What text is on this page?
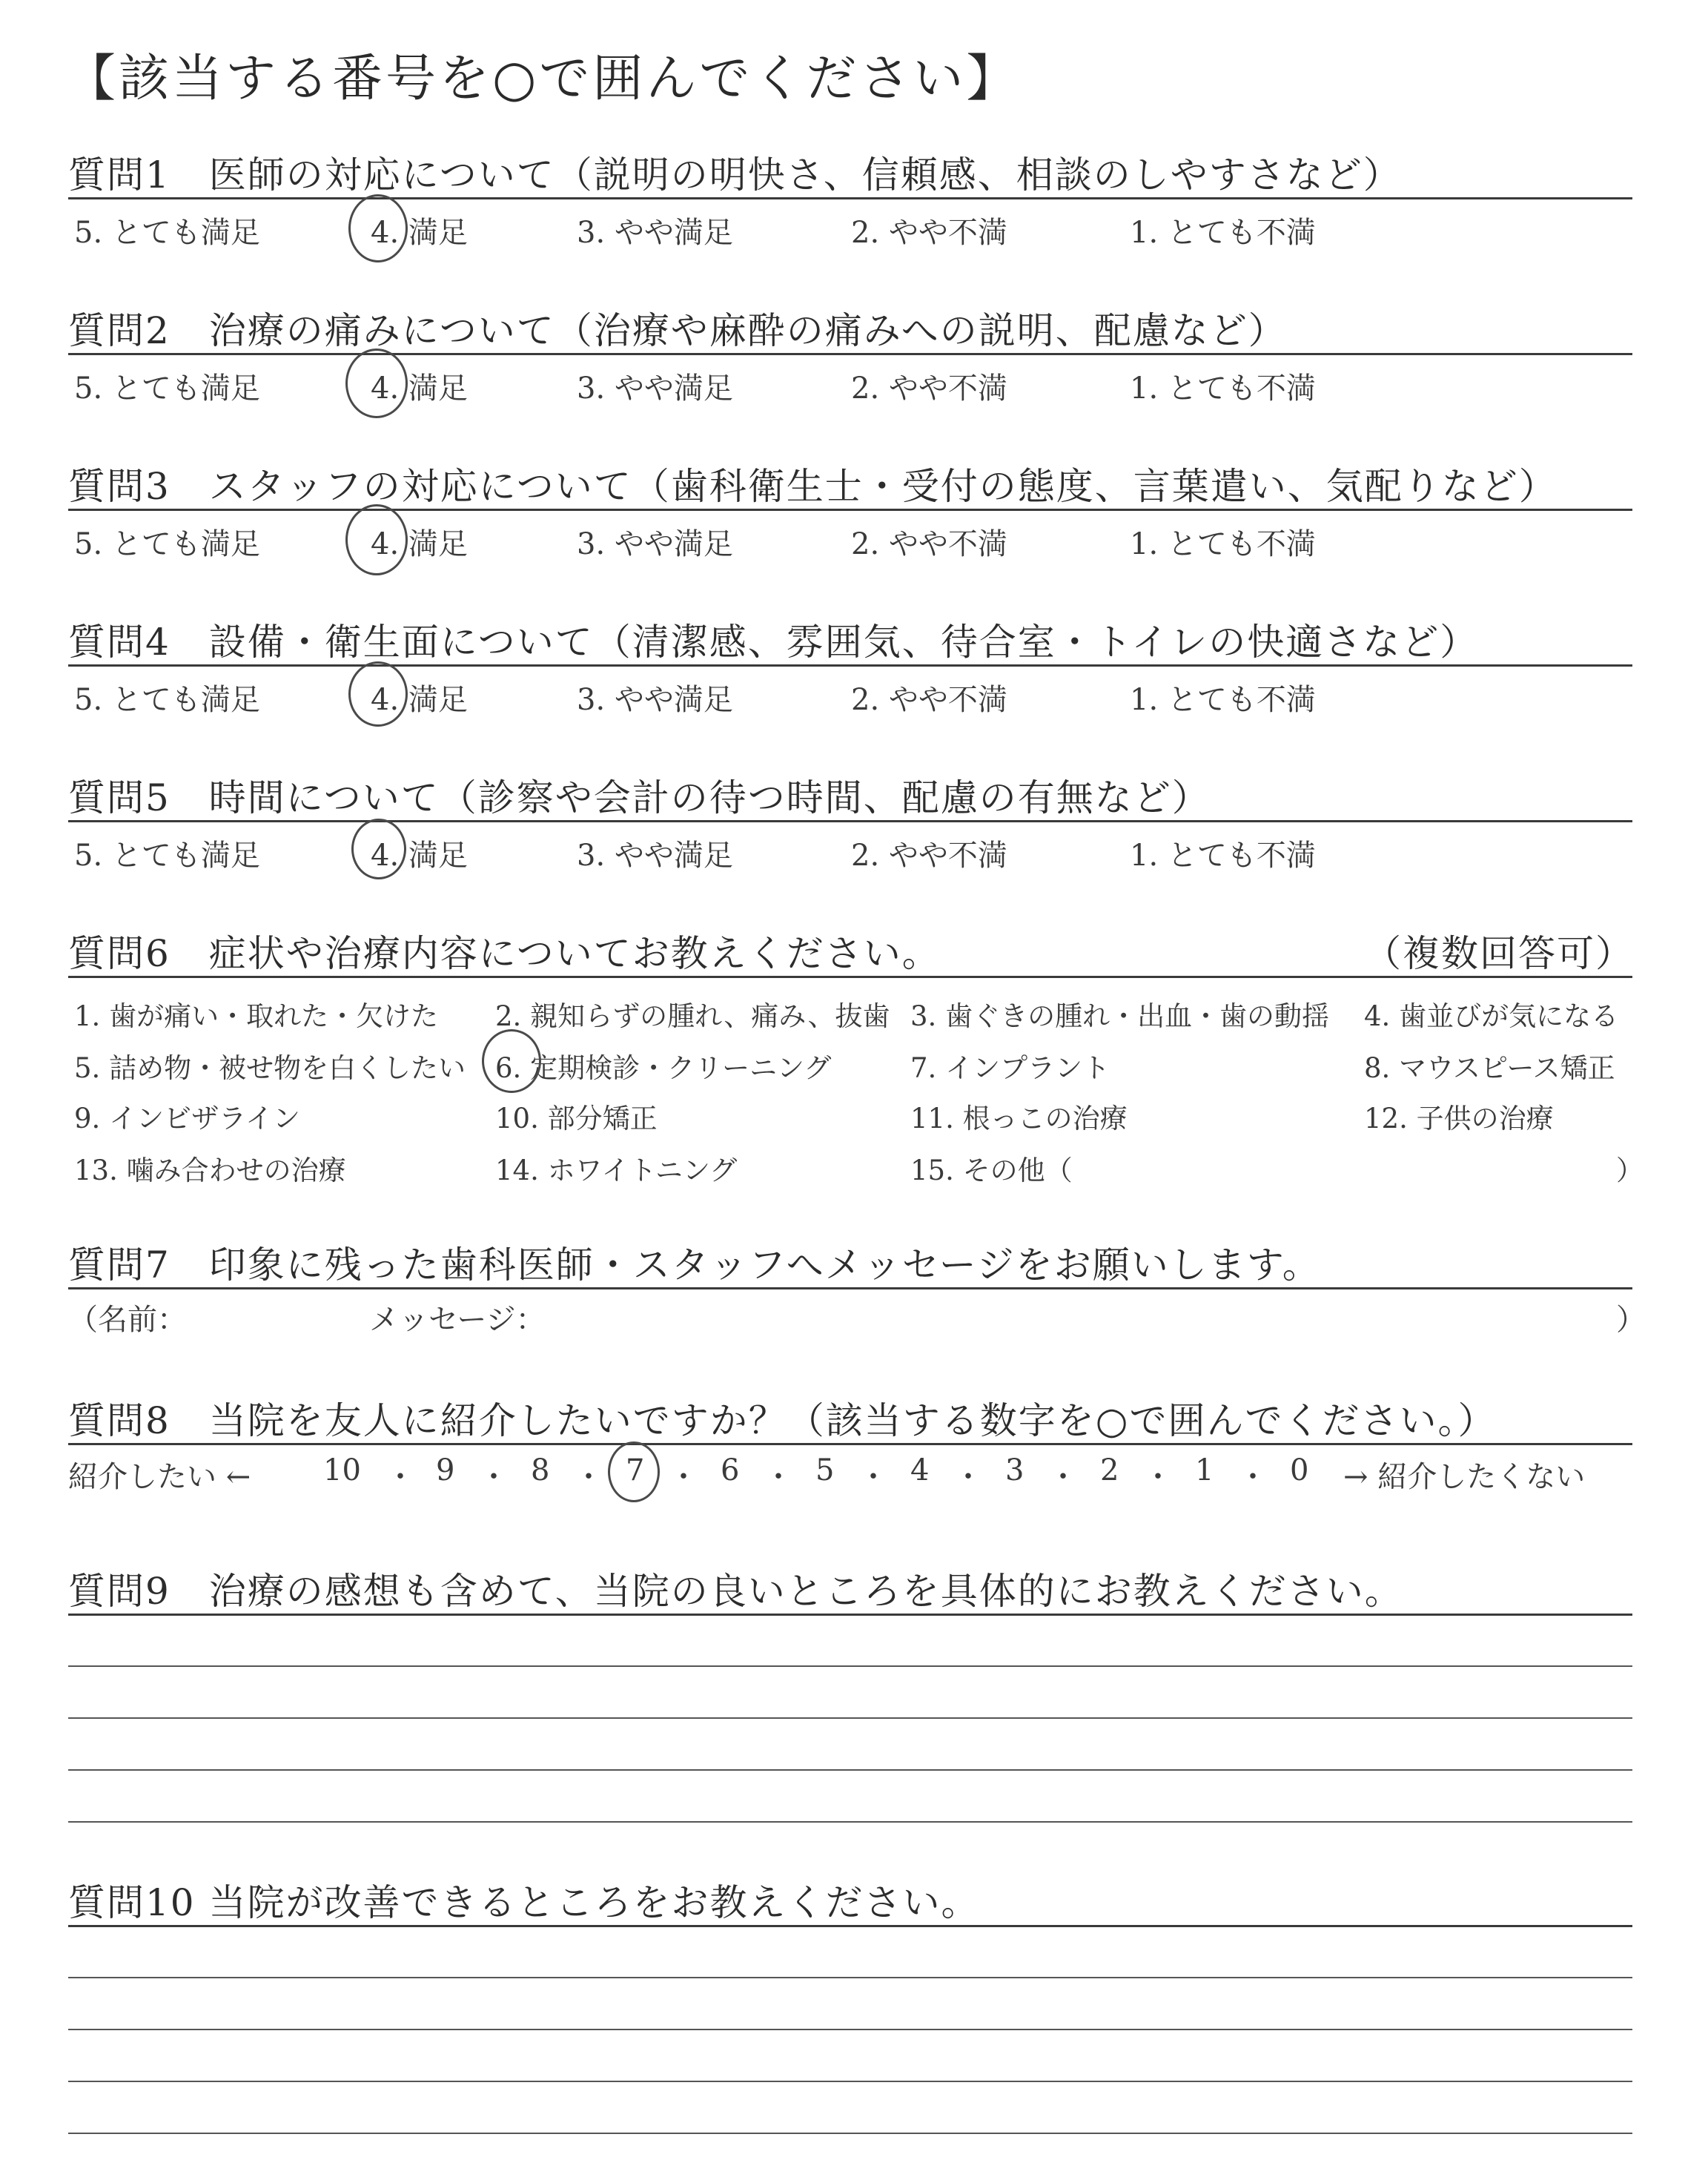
【該当する番号を○で囲んでください】
質問1　医師の対応について（説明の明快さ、信頼感、相談のしやすさなど）
5. とても満足	4. 満足	3. やや満足	2. やや不満	1. とても不満
質問2　治療の痛みについて（治療や麻酔の痛みへの説明、配慮など）
5. とても満足	4. 満足	3. やや満足	2. やや不満	1. とても不満
質問3　スタッフの対応について（歯科衛生士・受付の態度、言葉遣い、気配りなど）
5. とても満足	4. 満足	3. やや満足	2. やや不満	1. とても不満
質問4　設備・衛生面について（清潔感、雰囲気、待合室・トイレの快適さなど）
5. とても満足	4. 満足	3. やや満足	2. やや不満	1. とても不満
質問5　時間について（診察や会計の待つ時間、配慮の有無など）
5. とても満足	4. 満足	3. やや満足	2. やや不満	1. とても不満
質問6　症状や治療内容についてお教えください。	（複数回答可）
1. 歯が痛い・取れた・欠けた 2. 親知らずの腫れ、痛み、抜歯 3. 歯ぐきの腫れ・出血・歯の動揺 4. 歯並びが気になる
5. 詰め物・被せ物を白くしたい 6. 定期検診・クリーニング	7. インプラント	8. マウスピース矯正
9. インビザライン	10. 部分矯正	11. 根っこの治療	12. 子供の治療
13. 噛み合わせの治療	14. ホワイトニング	15. その他（	）
質問7　印象に残った歯科医師・スタッフへメッセージをお願いします。
（名前：	メッセージ：	）
質問8　当院を友人に紹介したいですか？（該当する数字を○で囲んでください。）
紹介したい ← 10 ・ 9 ・ 8 ・ 7 ・ 6 ・ 5 ・ 4 ・ 3 ・ 2 ・ 1 ・ 0 → 紹介したくない
質問9　治療の感想も含めて、当院の良いところを具体的にお教えください。
質問10 当院が改善できるところをお教えください。
